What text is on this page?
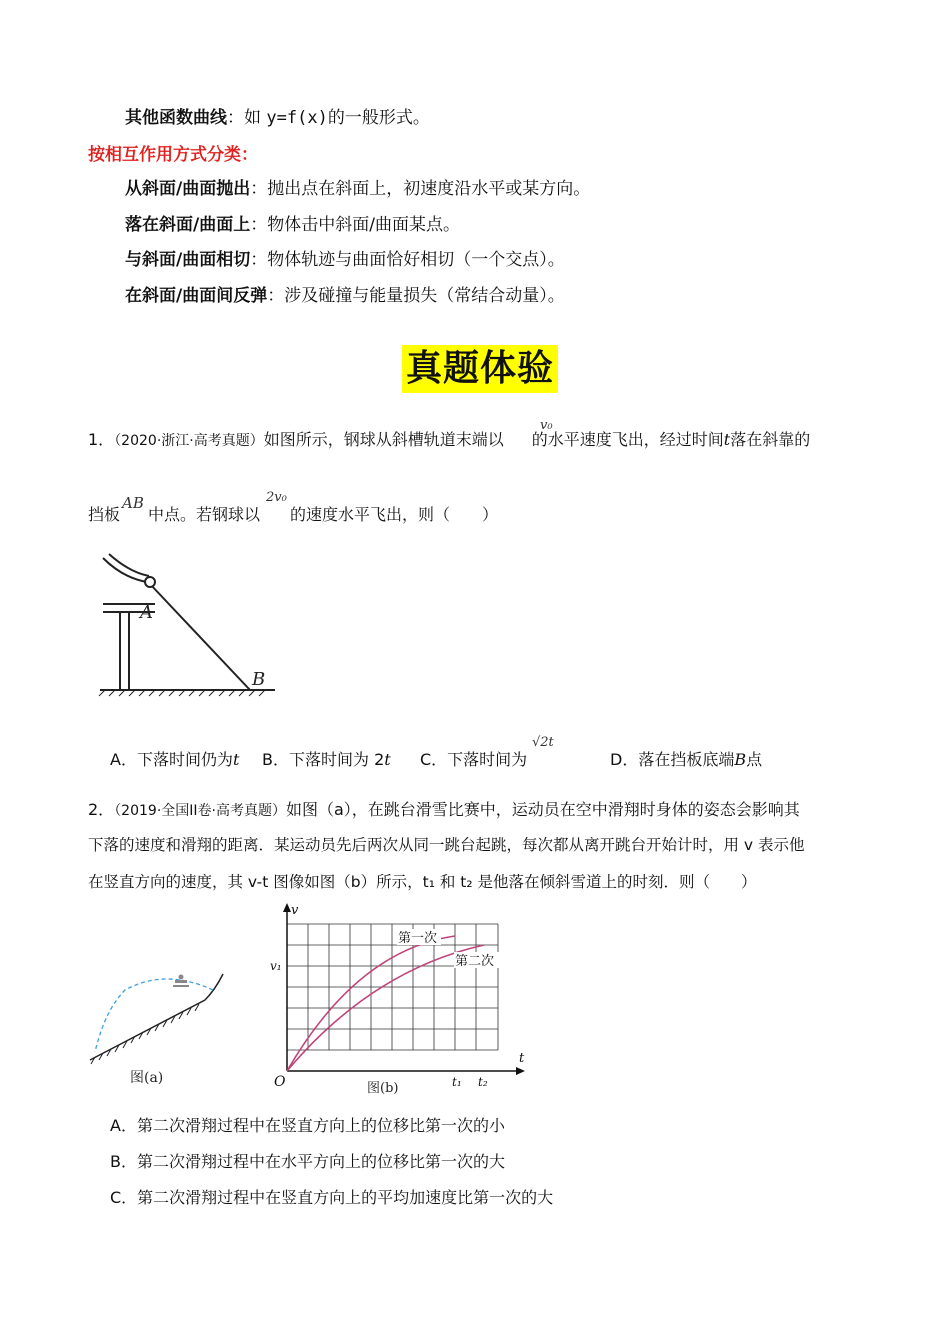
其他函数曲线：如 y=f(x)的一般形式。
按相互作用方式分类：
从斜面/曲面抛出：抛出点在斜面上，初速度沿水平或某方向。
落在斜面/曲面上：物体击中斜面/曲面某点。
与斜面/曲面相切：物体轨迹与曲面恰好相切（一个交点）。
在斜面/曲面间反弹：涉及碰撞与能量损失（常结合动量）。
真题体验
1．（2020·浙江·高考真题）如图所示，钢球从斜槽轨道末端以 的水平速度飞出，经过时间t落在斜靠的
v₀
挡板 中点。若钢球以 的速度水平飞出，则（　　）
AB	2v₀
A
B
A．下落时间仍为t B．下落时间为 2t C．下落时间为
√2t
D．落在挡板底端B点
2．（2019·全国II卷·高考真题）如图（a），在跳台滑雪比赛中，运动员在空中滑翔时身体的姿态会影响其
下落的速度和滑翔的距离．某运动员先后两次从同一跳台起跳，每次都从离开跳台开始计时，用 v 表示他
在竖直方向的速度，其 v-t 图像如图（b）所示，t₁ 和 t₂ 是他落在倾斜雪道上的时刻．则（　　）
图(a)
v
t
O
v₁
t₁ t₂
第一次
第二次
图(b)
A．第二次滑翔过程中在竖直方向上的位移比第一次的小
B．第二次滑翔过程中在水平方向上的位移比第一次的大
C．第二次滑翔过程中在竖直方向上的平均加速度比第一次的大
